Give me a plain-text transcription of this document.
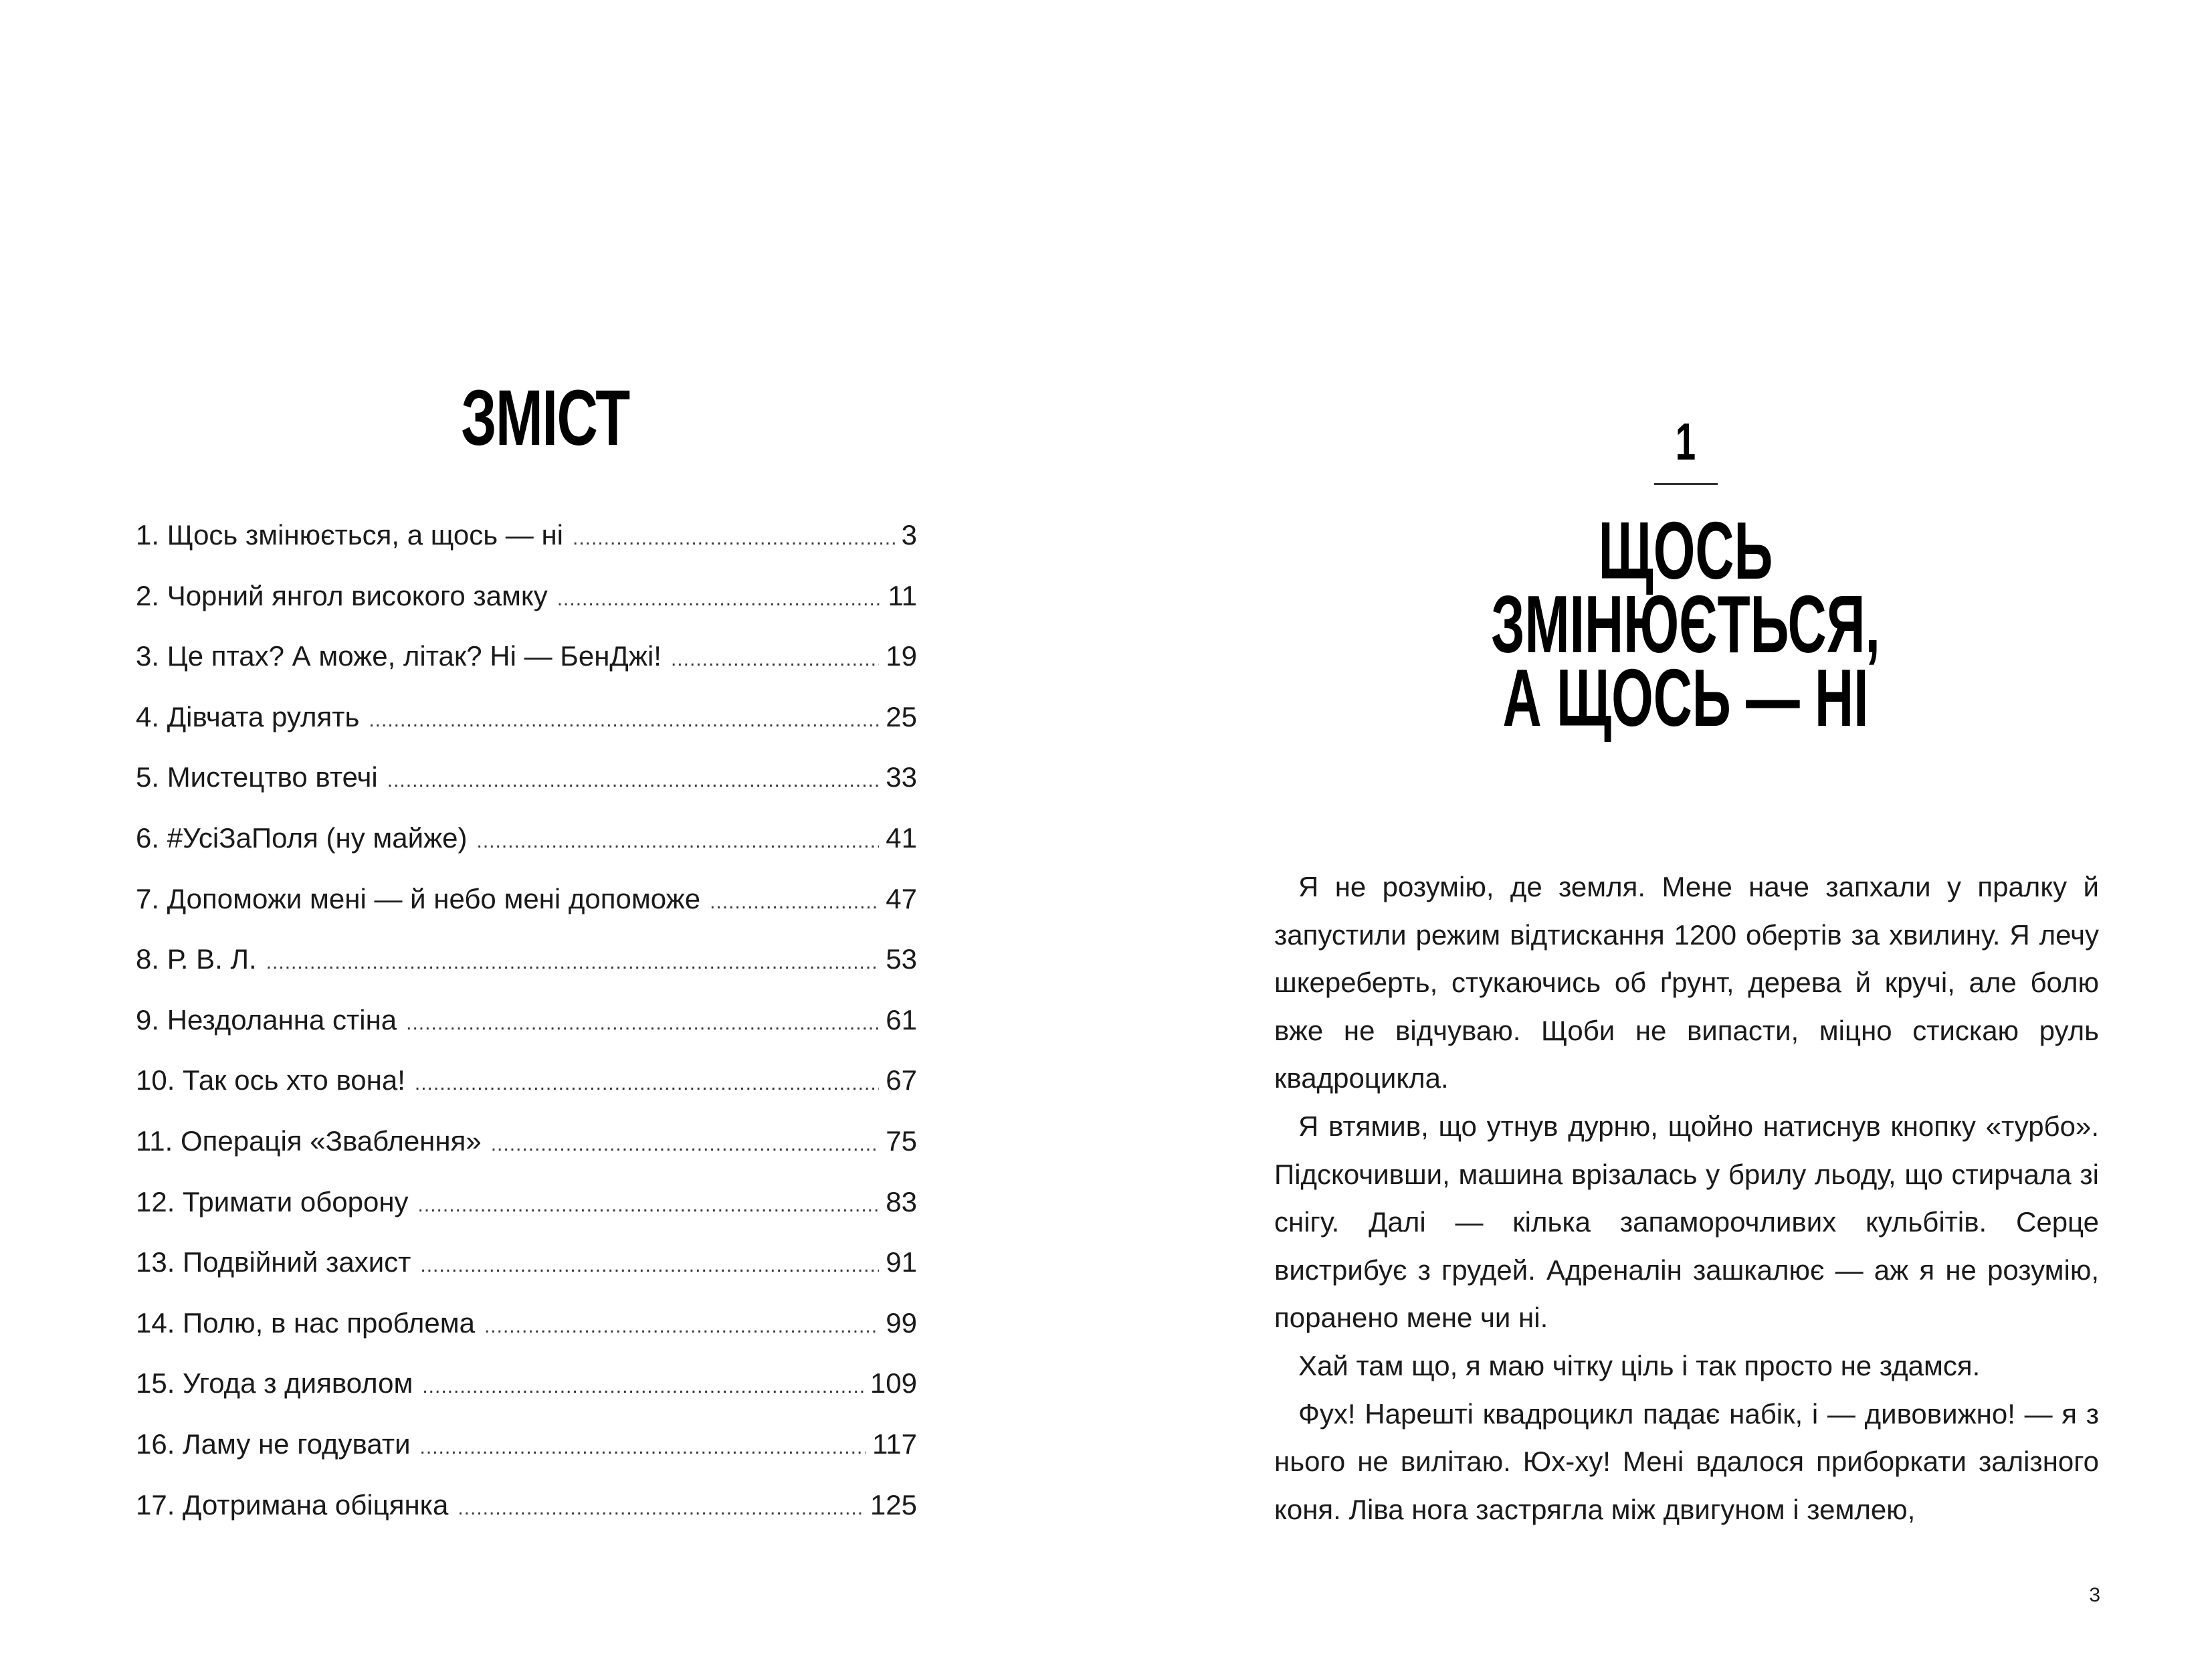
ЗМІСТ
1. Щось змінюється, а щось — ні .....	3
2. Чорний янгол високого замку .....	11
3. Це птах? А може, літак? Ні — БенДжі! .....	19
4. Дівчата рулять .....	25
5. Мистецтво втечі .....	33
6. #УсіЗаПоля (ну майже) .....	41
7. Допоможи мені — й небо мені допоможе .....	47
8. Р. В. Л. .....	53
9. Нездоланна стіна .....	61
10. Так ось хто вона! .....	67
11. Операція «Зваблення» .....	75
12. Тримати оборону .....	83
13. Подвійний захист .....	91
14. Полю, в нас проблема .....	99
15. Угода з дияволом .....	109
16. Ламу не годувати .....	117
17. Дотримана обіцянка .....	125
1
ЩОСЬ ЗМІНЮЄТЬСЯ,
А ЩОСЬ — НІ

Я не розумію, де земля. Мене наче запхали у пралку й запустили режим відтискання 1200 обертів за хвилину. Я лечу шкереберть, стукаючись об ґрунт, дерева й кручі, але болю вже не відчуваю. Щоби не випасти, міцно стискаю руль квадроцикла.

Я втямив, що утнув дурню, щойно натиснув кнопку «турбо». Підскочивши, машина врізалась у брилу льоду, що стирчала зі снігу. Далі — кілька запаморочливих кульбітів. Серце вистрибує з грудей. Адреналін зашкалює — аж я не розумію, поранено мене чи ні.

Хай там що, я маю чітку ціль і так просто не здамся.

Фух! Нарешті квадроцикл падає набік, і — дивовижно! — я з нього не вилітаю. Юх-ху! Мені вдалося приборкати залізного коня. Ліва нога застрягла між двигуном і землею,

3
